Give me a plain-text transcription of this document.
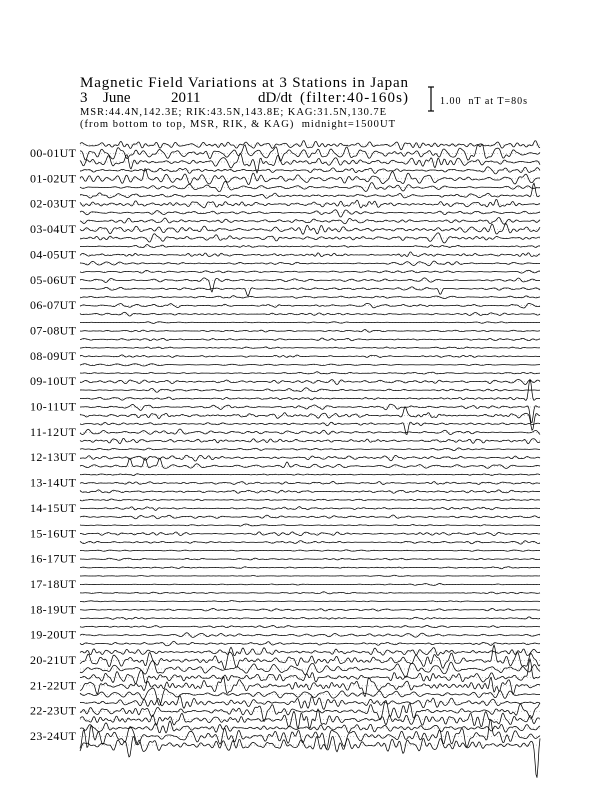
Magnetic Field Variations at 3 Stations in Japan
3 June	2011	dD/dt (filter:40-160s)
MSR:44.4N,142.3E; RIK:43.5N,143.8E; KAG:31.5N,130.7E
(from bottom to top, MSR, RIK, & KAG)  midnight=1500UT
1.00  nT at T=80s
00-01UT
01-02UT
02-03UT
03-04UT
04-05UT
05-06UT
06-07UT
07-08UT
08-09UT
09-10UT
10-11UT
11-12UT
12-13UT
13-14UT
14-15UT
15-16UT
16-17UT
17-18UT
18-19UT
19-20UT
20-21UT
21-22UT
22-23UT
23-24UT
